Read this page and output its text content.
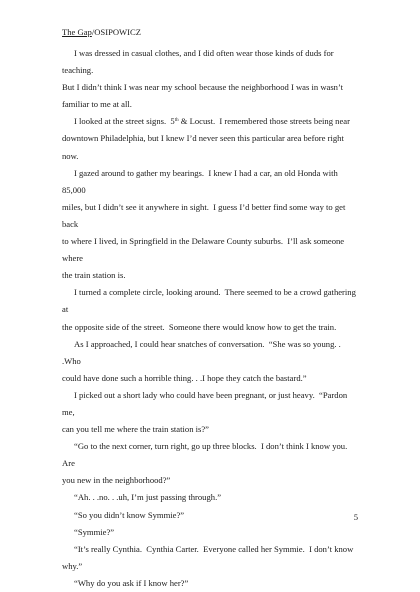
The Gap/OSIPOWICZ

I was dressed in casual clothes, and I did often wear those kinds of duds for teaching.
But I didn’t think I was near my school because the neighborhood I was in wasn’t
familiar to me at all.

I looked at the street signs.  5th & Locust.  I remembered those streets being near
downtown Philadelphia, but I knew I’d never seen this particular area before right now.

I gazed around to gather my bearings.  I knew I had a car, an old Honda with 85,000
miles, but I didn’t see it anywhere in sight.  I guess I’d better find some way to get back
to where I lived, in Springfield in the Delaware County suburbs.  I’ll ask someone where
the train station is.

I turned a complete circle, looking around.  There seemed to be a crowd gathering at
the opposite side of the street.  Someone there would know how to get the train.

As I approached, I could hear snatches of conversation.  “She was so young. . .Who
could have done such a horrible thing. . .I hope they catch the bastard.”

I picked out a short lady who could have been pregnant, or just heavy.  “Pardon me,
can you tell me where the train station is?”

“Go to the next corner, turn right, go up three blocks.  I don’t think I know you.  Are
you new in the neighborhood?”

“Ah. . .no. . .uh, I’m just passing through.”

“So you didn’t know Symmie?”

“Symmie?”

“It’s really Cynthia.  Cynthia Carter.  Everyone called her Symmie.  I don’t know
why.”

“Why do you ask if I know her?”

5
